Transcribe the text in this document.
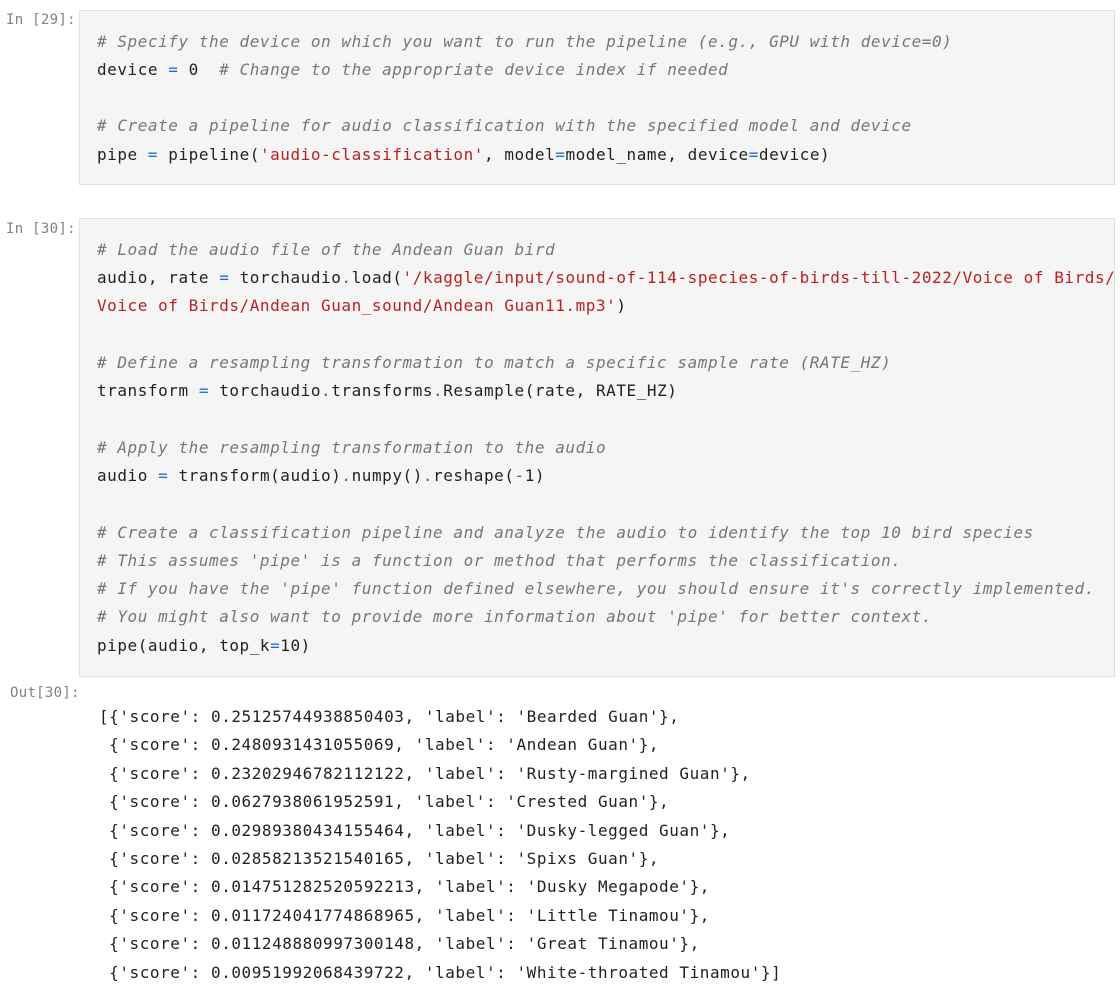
In [29]:
# Specify the device on which you want to run the pipeline (e.g., GPU with device=0)
device = 0  # Change to the appropriate device index if needed
# Create a pipeline for audio classification with the specified model and device
pipe = pipeline('audio-classification', model=model_name, device=device)
In [30]:
# Load the audio file of the Andean Guan bird
audio, rate = torchaudio.load('/kaggle/input/sound-of-114-species-of-birds-till-2022/Voice of Birds/
Voice of Birds/Andean Guan_sound/Andean Guan11.mp3')
# Define a resampling transformation to match a specific sample rate (RATE_HZ)
transform = torchaudio.transforms.Resample(rate, RATE_HZ)
# Apply the resampling transformation to the audio
audio = transform(audio).numpy().reshape(-1)
# Create a classification pipeline and analyze the audio to identify the top 10 bird species
# This assumes 'pipe' is a function or method that performs the classification.
# If you have the 'pipe' function defined elsewhere, you should ensure it's correctly implemented.
# You might also want to provide more information about 'pipe' for better context.
pipe(audio, top_k=10)
Out[30]:
[{'score': 0.25125744938850403, 'label': 'Bearded Guan'},
{'score': 0.2480931431055069, 'label': 'Andean Guan'},
{'score': 0.23202946782112122, 'label': 'Rusty-margined Guan'},
{'score': 0.0627938061952591, 'label': 'Crested Guan'},
{'score': 0.02989380434155464, 'label': 'Dusky-legged Guan'},
{'score': 0.02858213521540165, 'label': 'Spixs Guan'},
{'score': 0.014751282520592213, 'label': 'Dusky Megapode'},
{'score': 0.011724041774868965, 'label': 'Little Tinamou'},
{'score': 0.011248880997300148, 'label': 'Great Tinamou'},
{'score': 0.00951992068439722, 'label': 'White-throated Tinamou'}]
